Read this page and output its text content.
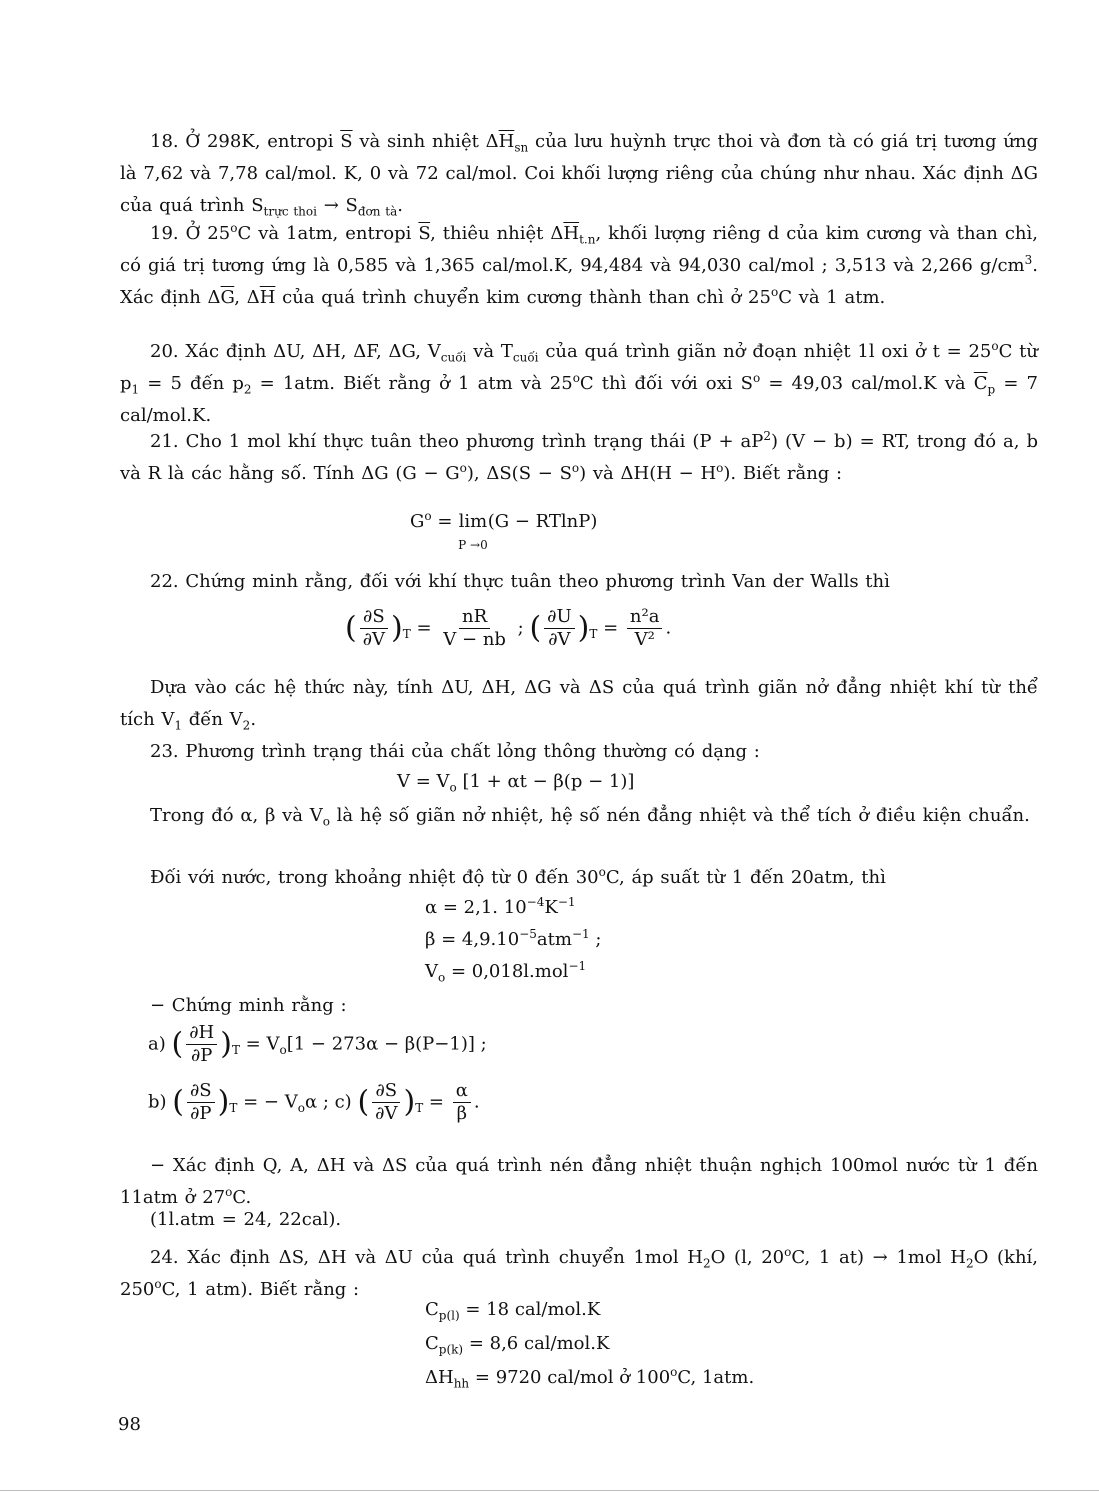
18. Ở 298K, entropi $\overline{S}$ và sinh nhiệt $\Delta\overline{H}_{sn}$ của lưu huỳnh trực thoi và đơn tà có giá trị tương ứng là 7,62 và 7,78 cal/mol. K, 0 và 72 cal/mol. Coi khối lượng riêng của chúng như nhau. Xác định ΔG của quá trình $S_{trực thoi} \to S_{đơn tà}$.
19. Ở 25$^o$C và 1atm, entropi $\overline{S}$, thiêu nhiệt $\Delta\overline{H}_{t.n}$, khối lượng riêng d của kim cương và than chì, có giá trị tương ứng là 0,585 và 1,365 cal/mol.K, 94,484 và 94,030 cal/mol ; 3,513 và 2,266 $g/cm^3$. Xác định $\Delta\overline{G}$, $\Delta\overline{H}$ của quá trình chuyển kim cương thành than chì ở 25$^o$C và 1 atm.
20. Xác định ΔU, ΔH, ΔF, ΔG, $V_{cuối}$ và $T_{cuối}$ của quá trình giãn nở đoạn nhiệt 1l oxi ở $t = 25^oC$ từ $p_1 = 5$ đến $p_2 = 1atm$. Biết rằng ở 1 atm và 25$^o$C thì đối với oxi $S^o = 49,03$ cal/mol.K và $\overline{C}_p = 7$ cal/mol.K.
21. Cho 1 mol khí thực tuân theo phương trình trạng thái $(P + aP^2)$ (V − b) = RT, trong đó a, b và R là các hằng số. Tính ΔG $(G - G^o)$, $\Delta S(S - S^o)$ và $\Delta H(H - H^o)$. Biết rằng :
$G^o = \lim$
P →0
(G − RTlnP)
22. Chứng minh rằng, đối với khí thực tuân theo phương trình Van der Walls thì
( $\frac{\partial S}{\partial V} )_T = \frac{nR}{V - nb}$ ; ( $\frac{\partial U}{\partial V} )_T = \frac{\text{n²a}}{\text{V²}}$ .
Dựa vào các hệ thức này, tính ΔU, ΔH, ΔG và ΔS của quá trình giãn nở đẳng nhiệt khí từ thể tích $V_1$ đến $V_2$.
23. Phương trình trạng thái của chất lỏng thông thường có dạng :
$V = V_o$ [1 + αt − β(p − 1)]
Trong đó α, β và $V_o$ là hệ số giãn nở nhiệt, hệ số nén đẳng nhiệt và thể tích ở điều kiện chuẩn.
Đối với nước, trong khoảng nhiệt độ từ 0 đến 30$^o$C, áp suất từ 1 đến 20atm, thì
α = 2,1. $10^{-4}K^{-1}$
$\beta = 4,9.10^{-5}atm^{-1}$ ;
$V_o = 0,018l.mol^{-1}$
− Chứng minh rằng :
a) ( $\frac{\partial H}{\partial P} )_T = V_o[1 - 273\alpha - \beta(P-1)]$ ;
b) ( $\frac{\partial S}{\partial P} )_T$ = − $V_o\alpha$ ; c) ( $\frac{\partial S}{\partial V} )_T = \frac{\alpha}{\beta}$ .
− Xác định Q, A, ΔH và ΔS của quá trình nén đẳng nhiệt thuận nghịch 100mol nước từ 1 đến 11atm ở 27$^o$C.
(1l.atm = 24, 22cal).
24. Xác định ΔS, ΔH và ΔU của quá trình chuyển 1mol $H_2O$ (l, 20$^o$C, 1 at) → 1mol $H_2O$ (khí, 250$^o$C, 1 atm). Biết rằng :
$C_{p(l)} = 18$ cal/mol.K
$C_{p(k)} = 8,6$ cal/mol.K
$\Delta H_{hh} = 9720$ cal/mol ở 100$^o$C, 1atm.
98
